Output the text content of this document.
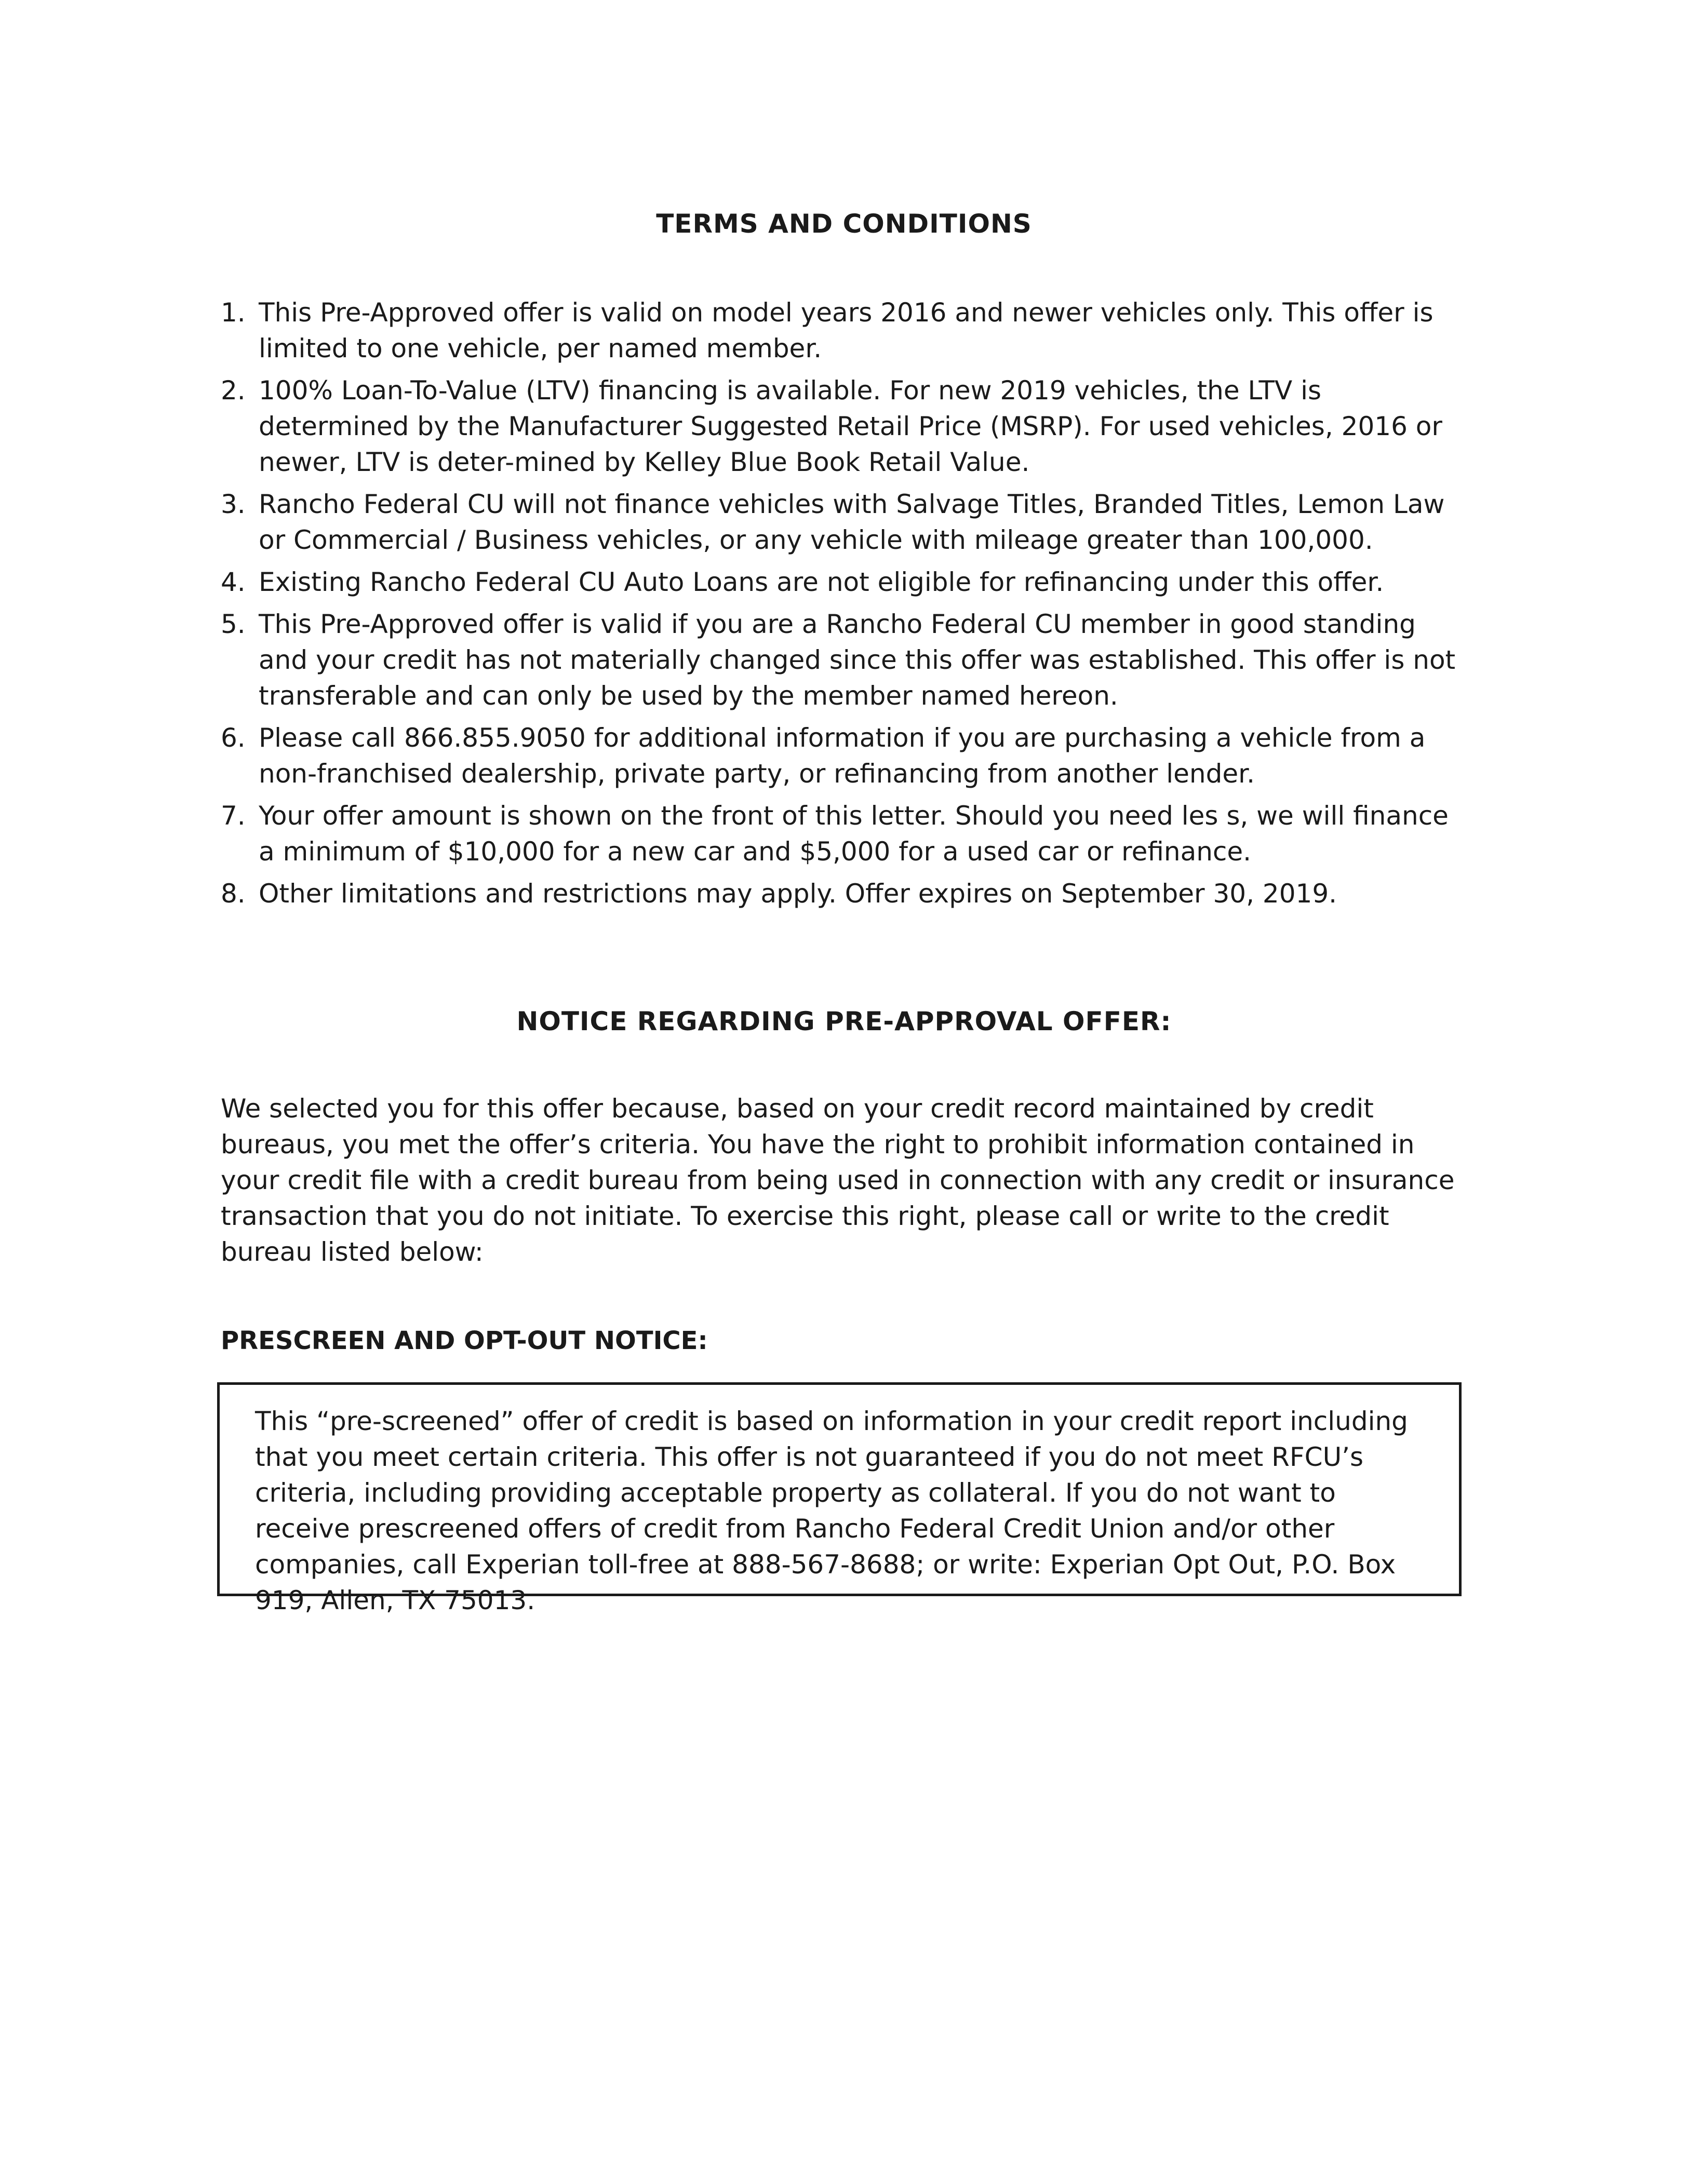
TERMS AND CONDITIONS
1. This Pre-Approved offer is valid on model years 2016 and newer vehicles only. This offer is limited to one vehicle, per named member.
2. 100% Loan-To-Value (LTV) financing is available. For new 2019 vehicles, the LTV is determined by the Manufacturer Suggested Retail Price (MSRP). For used vehicles, 2016 or newer, LTV is deter-mined by Kelley Blue Book Retail Value.
3. Rancho Federal CU will not finance vehicles with Salvage Titles, Branded Titles, Lemon Law or Commercial / Business vehicles, or any vehicle with mileage greater than 100,000.
4. Existing Rancho Federal CU Auto Loans are not eligible for refinancing under this offer.
5. This Pre-Approved offer is valid if you are a Rancho Federal CU member in good standing and your credit has not materially changed since this offer was established. This offer is not transferable and can only be used by the member named hereon.
6. Please call 866.855.9050 for additional information if you are purchasing a vehicle from a non-franchised dealership, private party, or refinancing from another lender.
7. Your offer amount is shown on the front of this letter. Should you need les s, we will finance a minimum of $10,000 for a new car and $5,000 for a used car or refinance.
8. Other limitations and restrictions may apply. Offer expires on September 30, 2019.
NOTICE REGARDING PRE-APPROVAL OFFER:

We selected you for this offer because, based on your credit record maintained by credit bureaus, you met the offer’s criteria. You have the right to prohibit information contained in your credit file with a credit bureau from being used in connection with any credit or insurance transaction that you do not initiate. To exercise this right, please call or write to the credit bureau listed below:

PRESCREEN AND OPT-OUT NOTICE:

This “pre-screened” offer of credit is based on information in your credit report including that you meet certain criteria. This offer is not guaranteed if you do not meet RFCU’s criteria, including providing acceptable property as collateral. If you do not want to receive prescreened offers of credit from Rancho Federal Credit Union and/or other companies, call Experian toll-free at 888-567-8688; or write: Experian Opt Out, P.O. Box 919, Allen, TX 75013.
